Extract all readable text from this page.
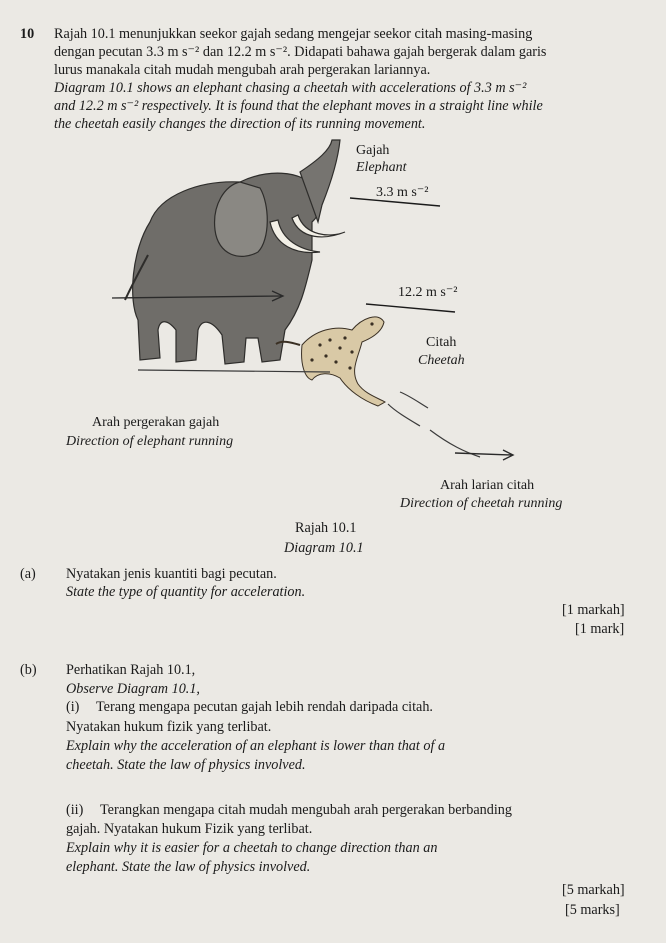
10 Rajah 10.1 menunjukkan seekor gajah sedang mengejar seekor citah masing-masing
dengan pecutan 3.3 m s⁻² dan 12.2 m s⁻². Didapati bahawa gajah bergerak dalam garis
lurus manakala citah mudah mengubah arah pergerakan lariannya.
Diagram 10.1 shows an elephant chasing a cheetah with accelerations of 3.3 m s⁻²
and 12.2 m s⁻² respectively. It is found that the elephant moves in a straight line while
the cheetah easily changes the direction of its running movement.
Gajah
Elephant
3.3 m s⁻²
12.2 m s⁻²
Citah
Cheetah
Arah pergerakan gajah
Direction of elephant running
Arah larian citah
Direction of cheetah running
Rajah 10.1
Diagram 10.1
(a) Nyatakan jenis kuantiti bagi pecutan.
State the type of quantity for acceleration.
[1 markah]
[1 mark]
(b) Perhatikan Rajah 10.1,
Observe Diagram 10.1,
(i) Terang mengapa pecutan gajah lebih rendah daripada citah.
Nyatakan hukum fizik yang terlibat.
Explain why the acceleration of an elephant is lower than that of a
cheetah. State the law of physics involved.
(ii) Terangkan mengapa citah mudah mengubah arah pergerakan berbanding
gajah. Nyatakan hukum Fizik yang terlibat.
Explain why it is easier for a cheetah to change direction than an
elephant. State the law of physics involved.
[5 markah]
[5 marks]
